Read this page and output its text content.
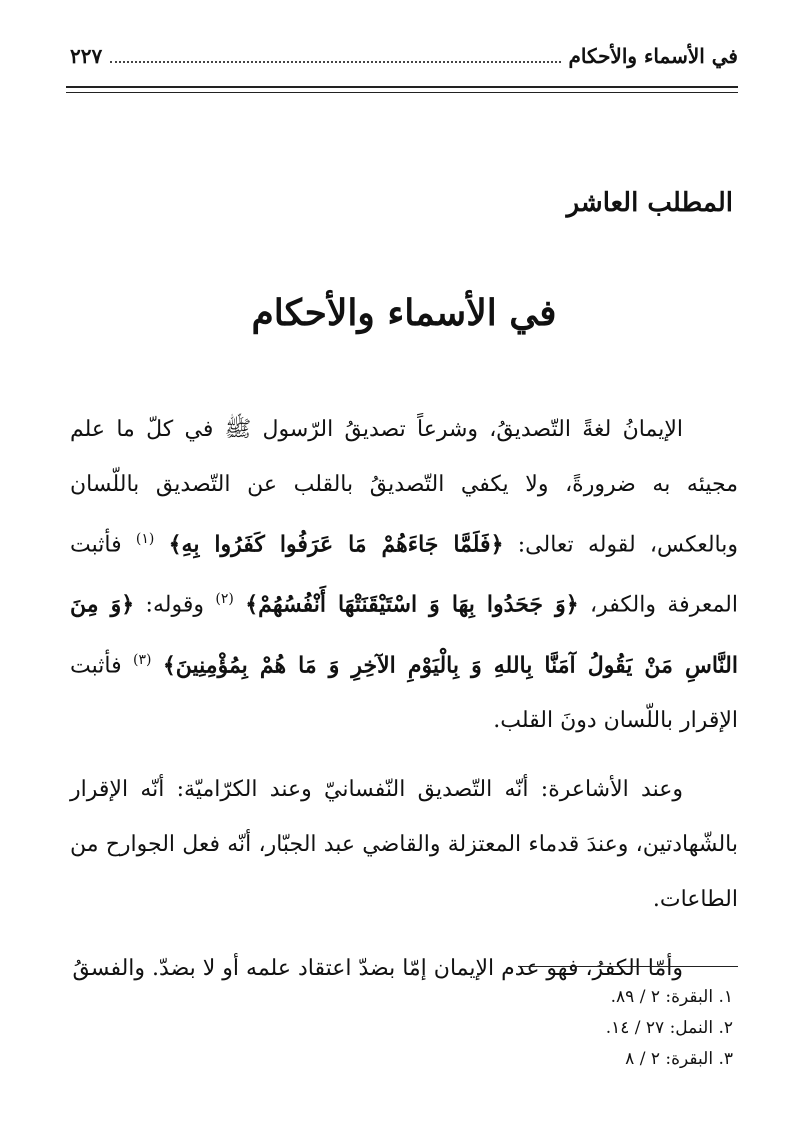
في الأسماء والأحكام
٢٢٧
المطلب العاشر
في الأسماء والأحكام

الإيمانُ لغةً التّصديقُ، وشرعاً تصديقُ الرّسول ﷺ في كلّ ما علم مجيئه به ضرورةً، ولا يكفي التّصديقُ بالقلب عن التّصديق باللّسان وبالعكس، لقوله تعالى: ﴿فَلَمَّا جَاءَهُمْ مَا عَرَفُوا كَفَرُوا بِهِ﴾ $^{(١)}$ فأثبت المعرفة والكفر، ﴿وَ جَحَدُوا بِهَا وَ اسْتَيْقَنَتْهَا أَنْفُسُهُمْ﴾ $^{(٢)}$ وقوله: ﴿وَ مِنَ النَّاسِ مَنْ يَقُولُ آمَنَّا بِاللهِ وَ بِالْيَوْمِ الآخِرِ وَ مَا هُمْ بِمُؤْمِنِينَ﴾ $^{(٣)}$ فأثبت الإقرار باللّسان دونَ القلب.

وعند الأشاعرة: أنّه التّصديق النّفسانيّ وعند الكرّاميّة: أنّه الإقرار بالشّهادتين، وعندَ قدماء المعتزلة والقاضي عبد الجبّار، أنّه فعل الجوارح من الطاعات.

وأمّا الكفرُ، فهو عدم الإيمان إمّا بضدّ اعتقاد علمه أو لا بضدّ. والفسقُ

١. البقرة: ٢ / ٨٩.
٢. النمل: ٢٧ / ١٤.
٣. البقرة: ٢ / ٨
